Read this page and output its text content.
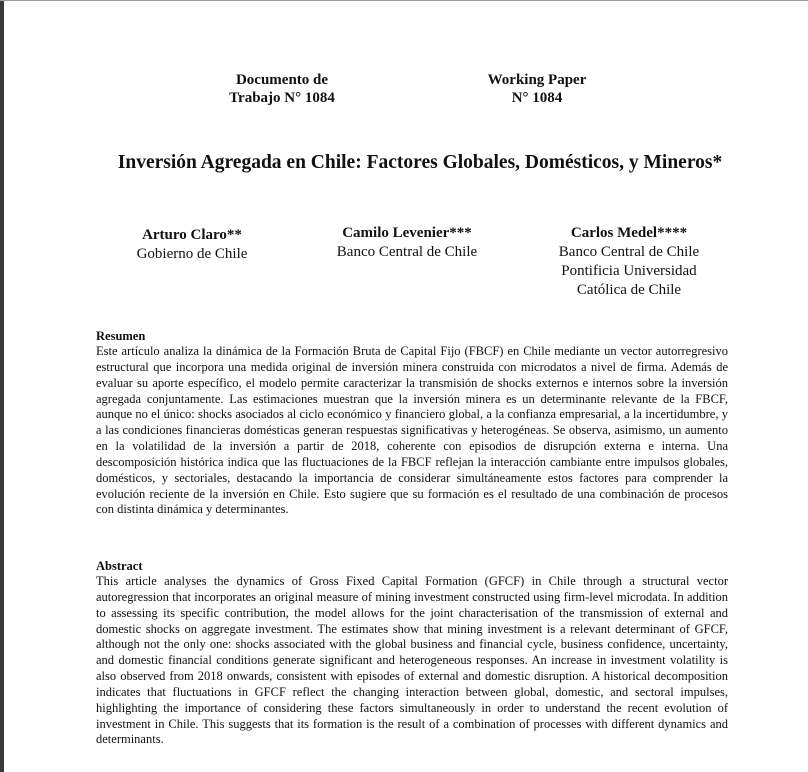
Documento de
Trabajo N° 1084
Working Paper
N° 1084
Inversión Agregada en Chile: Factores Globales, Domésticos, y Mineros*
Arturo Claro**
Gobierno de Chile
Camilo Levenier***
Banco Central de Chile
Carlos Medel****
Banco Central de Chile
Pontificia Universidad
Católica de Chile
Resumen

Este artículo analiza la dinámica de la Formación Bruta de Capital Fijo (FBCF) en Chile mediante un vector autorregresivo estructural que incorpora una medida original de inversión minera construida con microdatos a nivel de firma. Además de evaluar su aporte específico, el modelo permite caracterizar la transmisión de shocks externos e internos sobre la inversión agregada conjuntamente. Las estimaciones muestran que la inversión minera es un determinante relevante de la FBCF, aunque no el único: shocks asociados al ciclo económico y financiero global, a la confianza empresarial, a la incertidumbre, y a las condiciones financieras domésticas generan respuestas significativas y heterogéneas. Se observa, asimismo, un aumento en la volatilidad de la inversión a partir de 2018, coherente con episodios de disrupción externa e interna. Una descomposición histórica indica que las fluctuaciones de la FBCF reflejan la interacción cambiante entre impulsos globales, domésticos, y sectoriales, destacando la importancia de considerar simultáneamente estos factores para comprender la evolución reciente de la inversión en Chile. Esto sugiere que su formación es el resultado de una combinación de procesos con distinta dinámica y determinantes.

Abstract

This article analyses the dynamics of Gross Fixed Capital Formation (GFCF) in Chile through a structural vector autoregression that incorporates an original measure of mining investment constructed using firm-level microdata. In addition to assessing its specific contribution, the model allows for the joint characterisation of the transmission of external and domestic shocks on aggregate investment. The estimates show that mining investment is a relevant determinant of GFCF, although not the only one: shocks associated with the global business and financial cycle, business confidence, uncertainty, and domestic financial conditions generate significant and heterogeneous responses. An increase in investment volatility is also observed from 2018 onwards, consistent with episodes of external and domestic disruption. A historical decomposition indicates that fluctuations in GFCF reflect the changing interaction between global, domestic, and sectoral impulses, highlighting the importance of considering these factors simultaneously in order to understand the recent evolution of investment in Chile. This suggests that its formation is the result of a combination of processes with different dynamics and determinants.
